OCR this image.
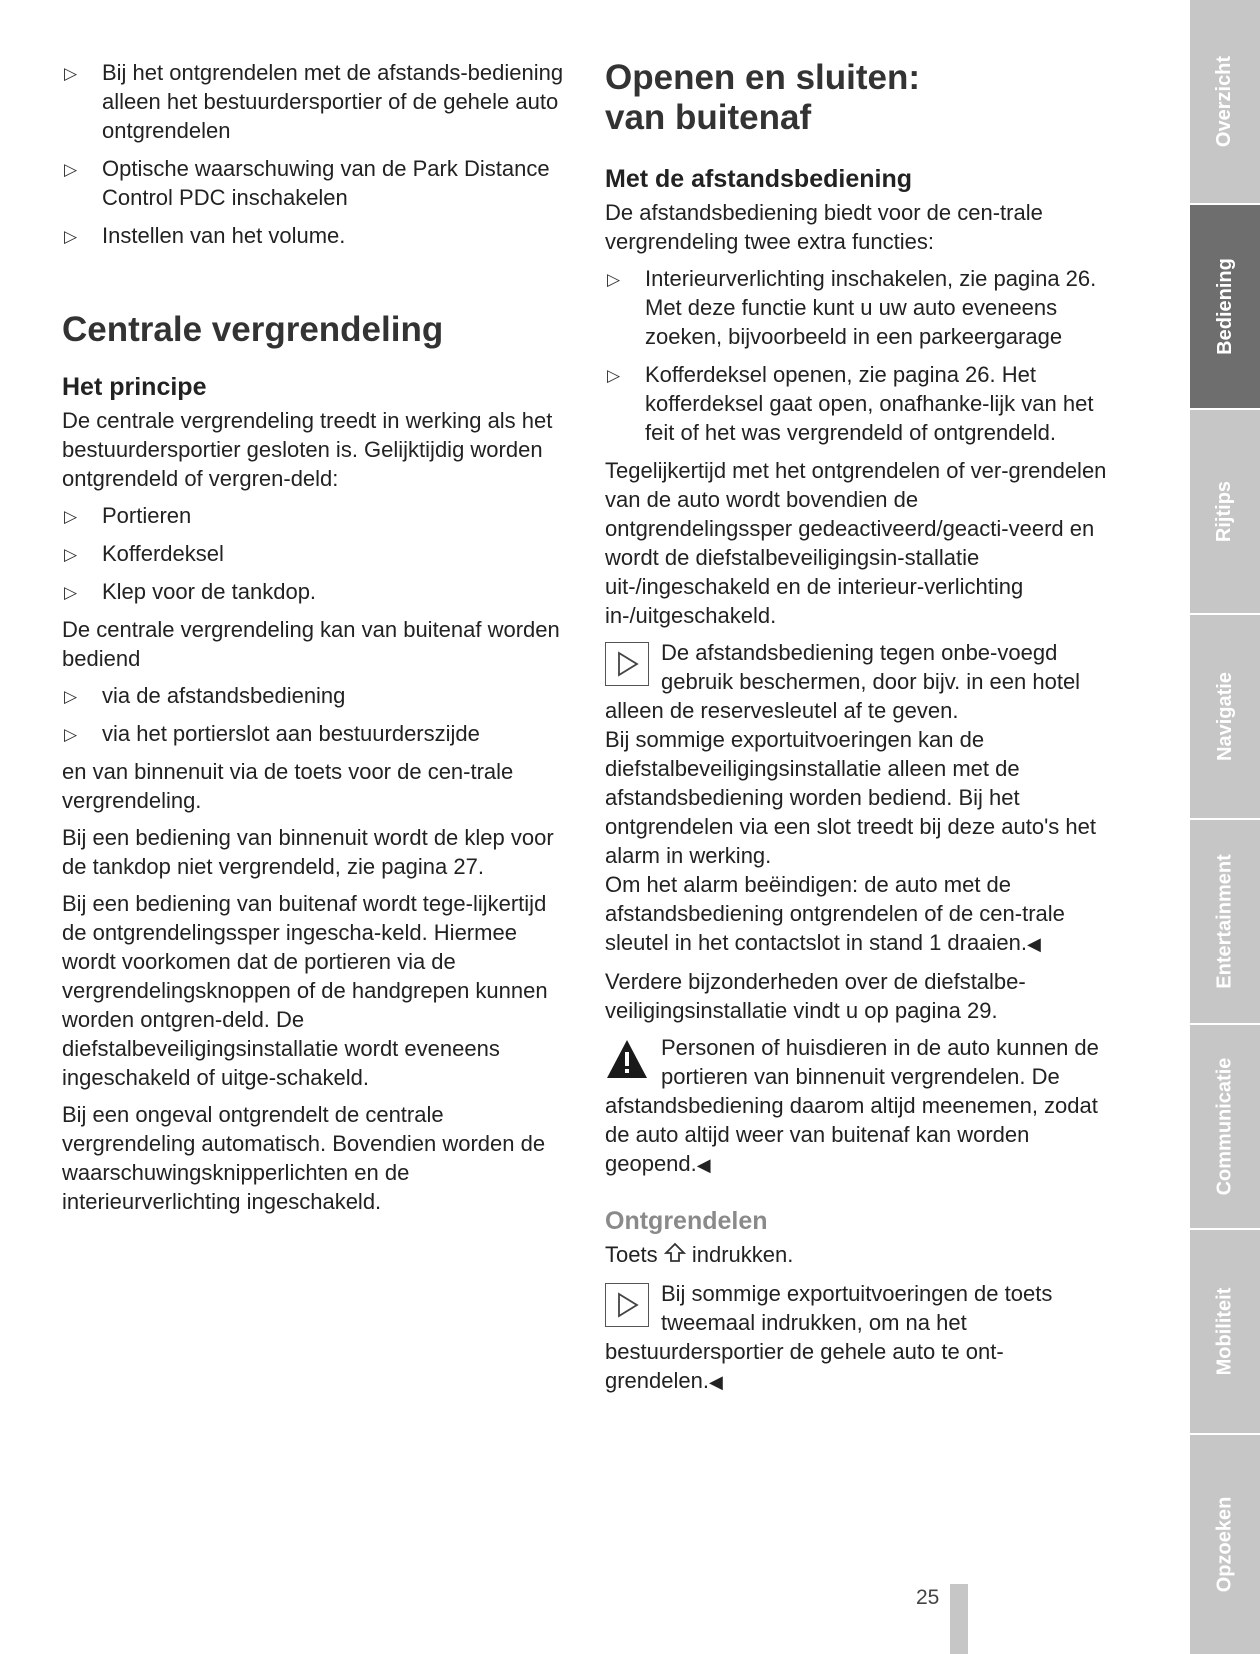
▷ Bij het ontgrendelen met de afstands-bediening alleen het bestuurdersportier of de gehele auto ontgrendelen
▷ Optische waarschuwing van de Park Distance Control PDC inschakelen
▷ Instellen van het volume.
Centrale vergrendeling
Het principe

De centrale vergrendeling treedt in werking als het bestuurdersportier gesloten is. Gelijktijdig worden ontgrendeld of vergren-deld:

▷ Portieren
▷ Kofferdeksel
▷ Klep voor de tankdop.

De centrale vergrendeling kan van buitenaf worden bediend

▷ via de afstandsbediening
▷ via het portierslot aan bestuurderszijde

en van binnenuit via de toets voor de cen-trale vergrendeling.

Bij een bediening van binnenuit wordt de klep voor de tankdop niet vergrendeld, zie pagina 27.

Bij een bediening van buitenaf wordt tege-lijkertijd de ontgrendelingssper ingescha-keld. Hiermee wordt voorkomen dat de portieren via de vergrendelingsknoppen of de handgrepen kunnen worden ontgren-deld. De diefstalbeveiligingsinstallatie wordt eveneens ingeschakeld of uitge-schakeld.

Bij een ongeval ontgrendelt de centrale vergrendeling automatisch. Bovendien worden de waarschuwingsknipperlichten en de interieurverlichting ingeschakeld.

Openen en sluiten:
van buitenaf
Met de afstandsbediening

De afstandsbediening biedt voor de cen-trale vergrendeling twee extra functies:

▷ Interieurverlichting inschakelen, zie pagina 26. Met deze functie kunt u uw auto eveneens zoeken, bijvoorbeeld in een parkeergarage
▷ Kofferdeksel openen, zie pagina 26. Het kofferdeksel gaat open, onafhanke-lijk van het feit of het was vergrendeld of ontgrendeld.

Tegelijkertijd met het ontgrendelen of ver-grendelen van de auto wordt bovendien de ontgrendelingssper gedeactiveerd/geacti-veerd en wordt de diefstalbeveiligingsin-stallatie uit-/ingeschakeld en de interieur-verlichting in-/uitgeschakeld.

De afstandsbediening tegen onbe-voegd gebruik beschermen, door bijv. in een hotel alleen de reservesleutel af te geven.

Bij sommige exportuitvoeringen kan de diefstalbeveiligingsinstallatie alleen met de afstandsbediening worden bediend. Bij het ontgrendelen via een slot treedt bij deze auto's het alarm in werking.

Om het alarm beëindigen: de auto met de afstandsbediening ontgrendelen of de cen-trale sleutel in het contactslot in stand 1 draaien.◀

Verdere bijzonderheden over de diefstalbe-veiligingsinstallatie vindt u op pagina 29.

Personen of huisdieren in de auto kunnen de portieren van binnenuit vergrendelen. De afstandsbediening daarom altijd meenemen, zodat de auto altijd weer van buitenaf kan worden geopend.◀

Ontgrendelen

Toets indrukken.

Bij sommige exportuitvoeringen de toets tweemaal indrukken, om na het bestuurdersportier de gehele auto te ont-grendelen.◀

25
Overzicht
Bediening
Rijtips
Navigatie
Entertainment
Communicatie
Mobiliteit
Opzoeken
